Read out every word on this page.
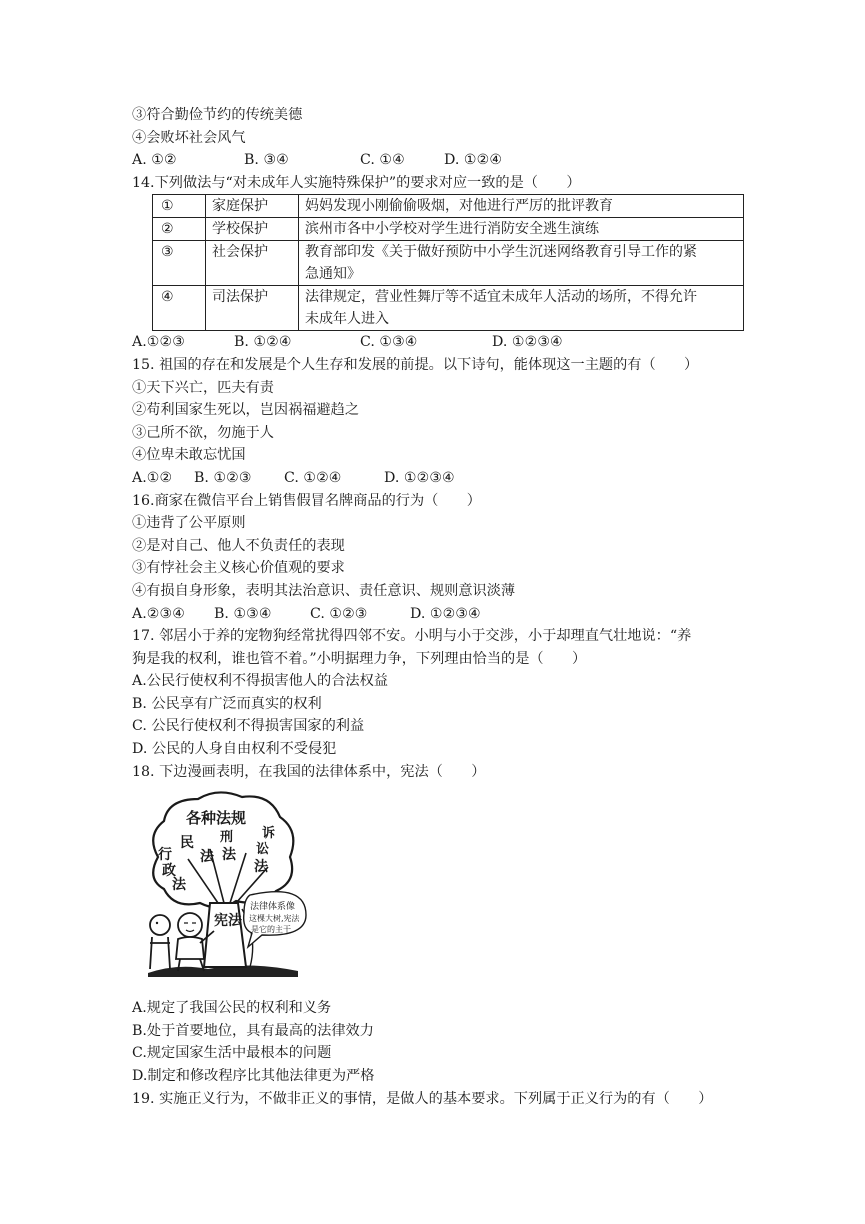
③符合勤俭节约的传统美德
④会败坏社会风气
A. ①②	B. ③④	C. ①④	D. ①②④
14.下列做法与“对未成年人实施特殊保护”的要求对应一致的是（　　）
①	家庭保护	妈妈发现小刚偷偷吸烟，对他进行严厉的批评教育
②	学校保护	滨州市各中小学校对学生进行消防安全逃生演练
③	社会保护	教育部印发《关于做好预防中小学生沉迷网络教育引导工作的紧
急通知》

④	司法保护	法律规定，营业性舞厅等不适宜未成年人活动的场所，不得允许
未成年人进入
A.①②③	B. ①②④	C. ①③④	D. ①②③④
15. 祖国的存在和发展是个人生存和发展的前提。以下诗句，能体现这一主题的有（　　）
①天下兴亡，匹夫有责
②苟利国家生死以，岂因祸福避趋之
③己所不欲，勿施于人
④位卑未敢忘忧国
A.①②	B. ①②③	C. ①②④	D. ①②③④
16.商家在微信平台上销售假冒名牌商品的行为（　　）
①违背了公平原则
②是对自己、他人不负责任的表现
③有悖社会主义核心价值观的要求
④有损自身形象，表明其法治意识、责任意识、规则意识淡薄
A.②③④	B. ①③④	C. ①②③	D. ①②③④
17. 邻居小于养的宠物狗经常扰得四邻不安。小明与小于交涉，小于却理直气壮地说：“养
狗是我的权利，谁也管不着。”小明据理力争，下列理由恰当的是（　　）
A.公民行使权利不得损害他人的合法权益
B. 公民享有广泛而真实的权利
C. 公民行使权利不得损害国家的利益
D. 公民的人身自由权利不受侵犯
18. 下边漫画表明，在我国的法律体系中，宪法（　　）
各种法规
行
政
法
民
法
刑
法
诉
讼
法
宪法
法律体系像
这棵大树,宪法
是它的主干
A.规定了我国公民的权利和义务
B.处于首要地位，具有最高的法律效力
C.规定国家生活中最根本的问题
D.制定和修改程序比其他法律更为严格
19. 实施正义行为，不做非正义的事情，是做人的基本要求。下列属于正义行为的有（　　）
